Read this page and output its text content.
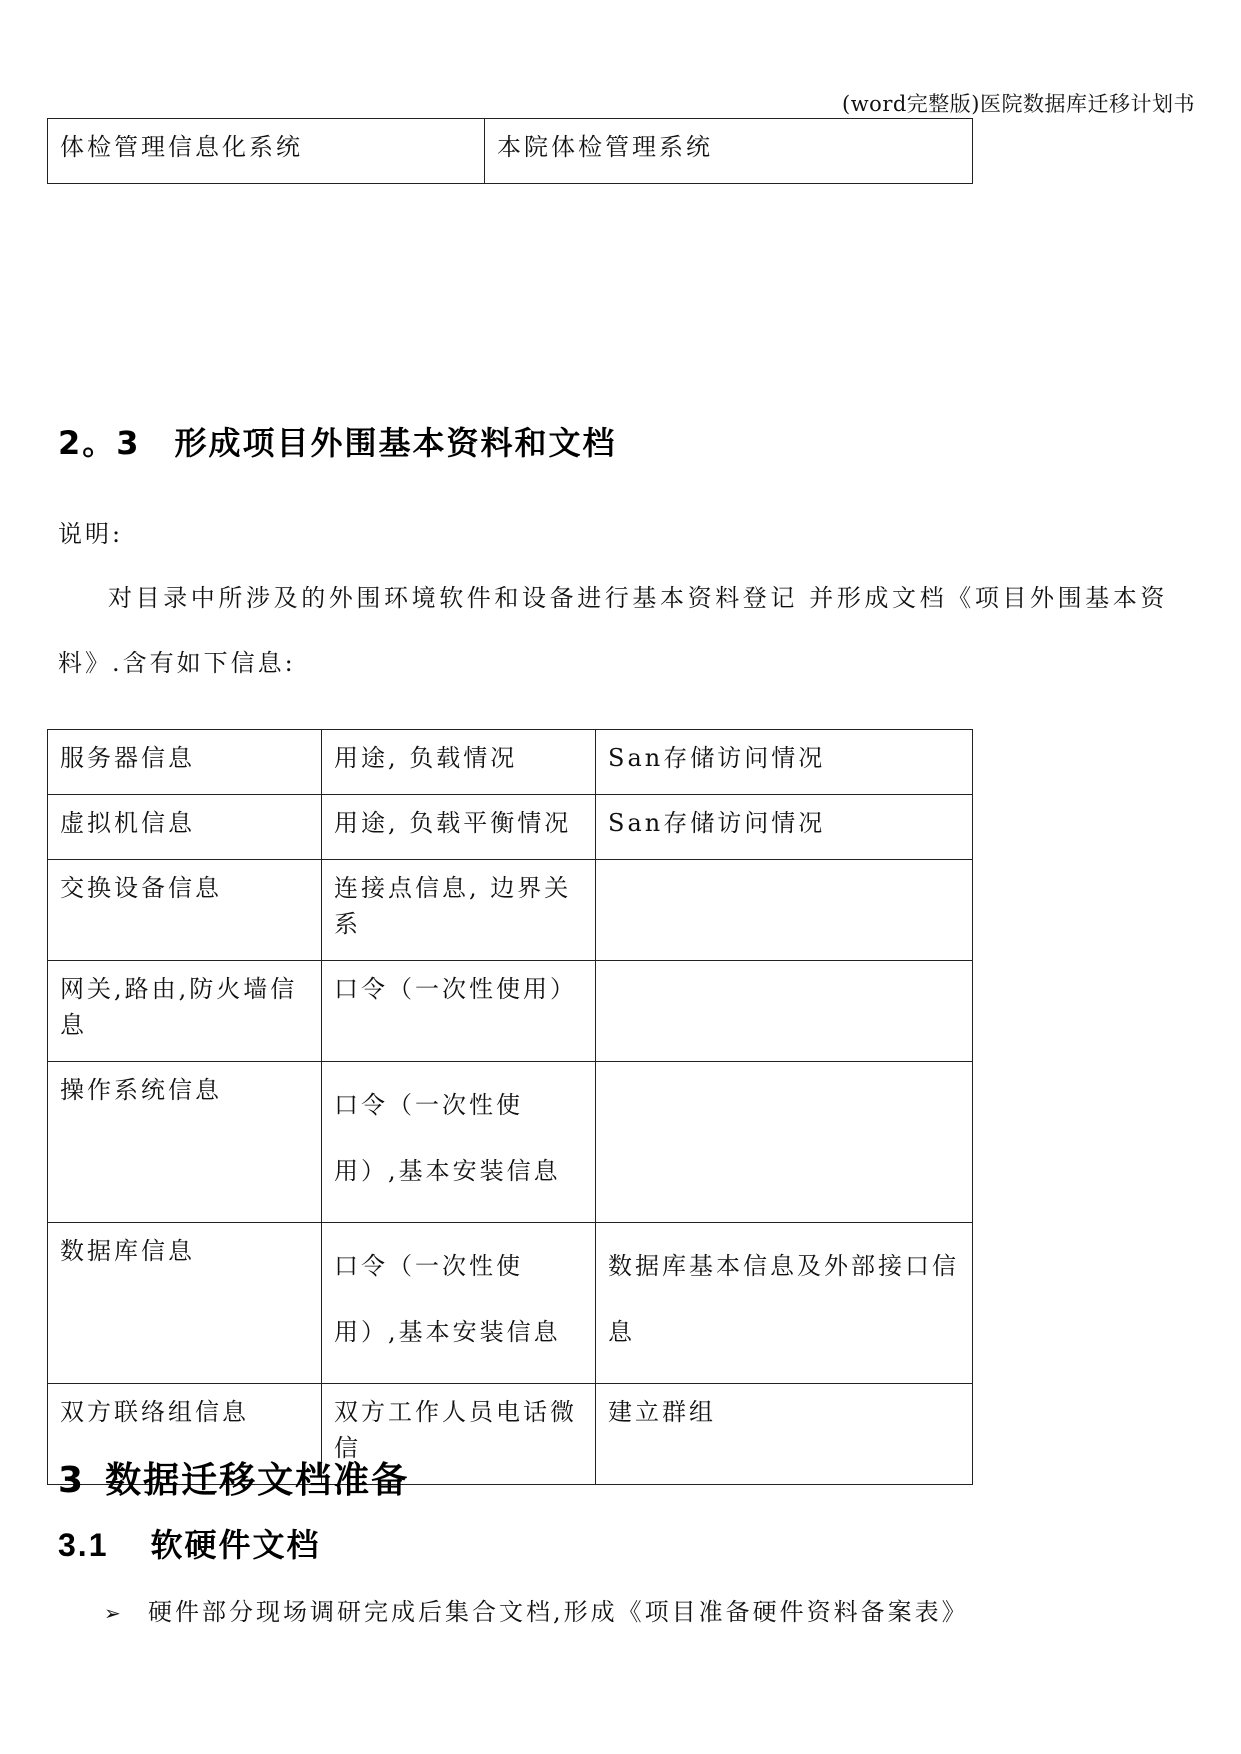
(word完整版)医院数据库迁移计划书
体检管理信息化系统	本院体检管理系统
2。3 形成项目外围基本资料和文档
说明:
对目录中所涉及的外围环境软件和设备进行基本资料登记 并形成文档《项目外围基本资
料》.含有如下信息:
服务器信息	用途, 负载情况	San存储访问情况
虚拟机信息	用途, 负载平衡情况	San存储访问情况
交换设备信息	连接点信息, 边界关系	
网关,路由,防火墙信息	口令（一次性使用）	
操作系统信息	口令（一次性使用）,基本安装信息	
数据库信息	口令（一次性使用）,基本安装信息	数据库基本信息及外部接口信息
双方联络组信息	双方工作人员电话微信	建立群组
3 数据迁移文档准备
3.1 软硬件文档
➢ 硬件部分现场调研完成后集合文档,形成《项目准备硬件资料备案表》
